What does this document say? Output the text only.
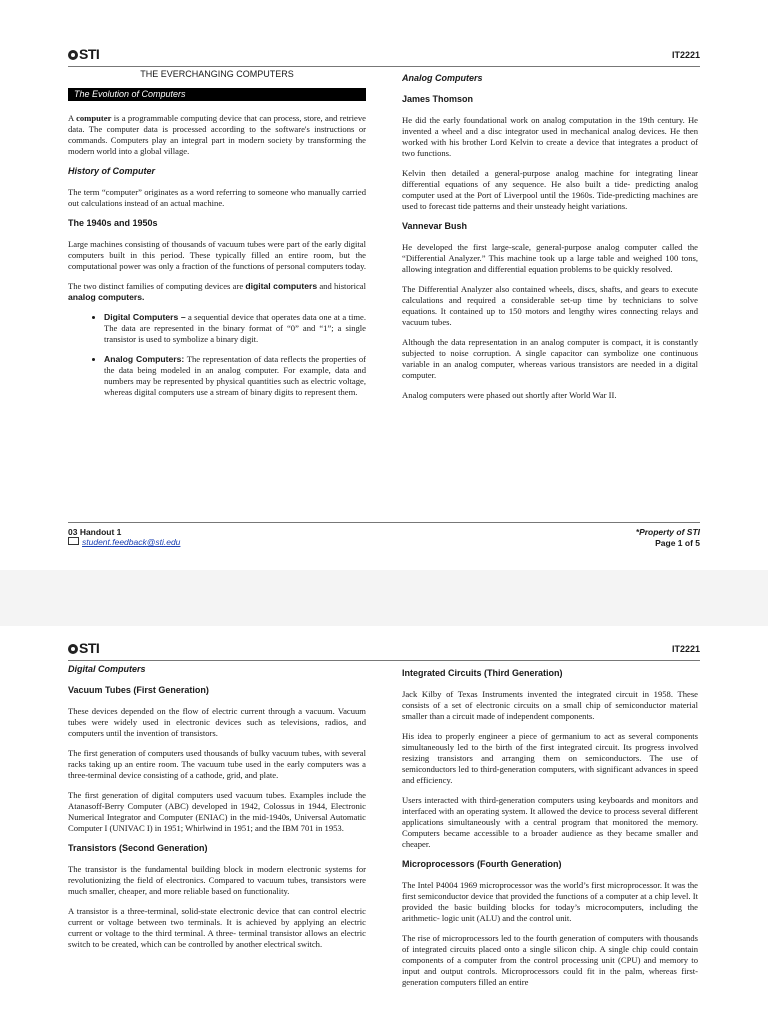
STI	IT2221
THE EVERCHANGING COMPUTERS
The Evolution of Computers

A computer is a programmable computing device that can process, store, and retrieve data. The computer data is processed according to the software's instructions or commands. Computers play an integral part in modern society by transforming the modern world into a global village.

History of Computer

The term “computer” originates as a word referring to someone who manually carried out calculations instead of an actual machine.

The 1940s and 1950s

Large machines consisting of thousands of vacuum tubes were part of the early digital computers built in this period. These typically filled an entire room, but the computational power was only a fraction of the functions of personal computers today.

The two distinct families of computing devices are digital computers and historical analog computers.

• Digital Computers – a sequential device that operates data one at a time. The data are represented in the binary format of “0” and “1”; a single transistor is used to symbolize a binary digit.
• Analog Computers: The representation of data reflects the properties of the data being modeled in an analog computer. For example, data and numbers may be represented by physical quantities such as electric voltage, whereas digital computers use a stream of binary digits to represent them.
Analog Computers
James Thomson

He did the early foundational work on analog computation in the 19th century. He invented a wheel and a disc integrator used in mechanical analog devices. He then worked with his brother Lord Kelvin to create a device that integrates a product of two functions.

Kelvin then detailed a general-purpose analog machine for integrating linear differential equations of any sequence. He also built a tide- predicting analog computer used at the Port of Liverpool until the 1960s. Tide-predicting machines are used to forecast tide patterns and their unsteady height variations.

Vannevar Bush

He developed the first large-scale, general-purpose analog computer called the “Differential Analyzer.” This machine took up a large table and weighed 100 tons, allowing integration and differential equation problems to be quickly resolved.

The Differential Analyzer also contained wheels, discs, shafts, and gears to execute calculations and required a considerable set-up time by technicians to solve equations. It contained up to 150 motors and lengthy wires connecting relays and vacuum tubes.

Although the data representation in an analog computer is compact, it is constantly subjected to noise corruption. A single capacitor can symbolize one continuous variable in an analog computer, whereas various transistors are needed in a digital computer.

Analog computers were phased out shortly after World War II.

03 Handout 1
student.feedback@sti.edu
*Property of STI
Page 1 of 5
STI	IT2221
Digital Computers
Vacuum Tubes (First Generation)

These devices depended on the flow of electric current through a vacuum. Vacuum tubes were widely used in electronic devices such as televisions, radios, and computers until the invention of transistors.

The first generation of computers used thousands of bulky vacuum tubes, with several racks taking up an entire room. The vacuum tube used in the early computers was a three-terminal device consisting of a cathode, grid, and plate.

The first generation of digital computers used vacuum tubes. Examples include the Atanasoff-Berry Computer (ABC) developed in 1942, Colossus in 1944, Electronic Numerical Integrator and Computer (ENIAC) in the mid-1940s, Universal Automatic Computer I (UNIVAC I) in 1951; Whirlwind in 1951; and the IBM 701 in 1953.

Transistors (Second Generation)

The transistor is the fundamental building block in modern electronic systems for revolutionizing the field of electronics. Compared to vacuum tubes, transistors were much smaller, cheaper, and more reliable based on functionality.

A transistor is a three-terminal, solid-state electronic device that can control electric current or voltage between two terminals. It is achieved by applying an electric current or voltage to the third terminal. A three- terminal transistor allows an electric switch to be created, which can be controlled by another electrical switch.

Integrated Circuits (Third Generation)

Jack Kilby of Texas Instruments invented the integrated circuit in 1958. These consists of a set of electronic circuits on a small chip of semiconductor material smaller than a circuit made of independent components.

His idea to properly engineer a piece of germanium to act as several components simultaneously led to the birth of the first integrated circuit. Its progress involved resizing transistors and arranging them on semiconductors. The use of semiconductors led to third-generation computers, with significant advances in speed and efficiency.

Users interacted with third-generation computers using keyboards and monitors and interfaced with an operating system. It allowed the device to process several different applications simultaneously with a central program that monitored the memory. Computers became accessible to a broader audience as they became smaller and cheaper.

Microprocessors (Fourth Generation)

The Intel P4004 1969 microprocessor was the world’s first microprocessor. It was the first semiconductor device that provided the functions of a computer at a chip level. It provided the basic building blocks for today’s microcomputers, including the arithmetic- logic unit (ALU) and the control unit.

The rise of microprocessors led to the fourth generation of computers with thousands of integrated circuits placed onto a single silicon chip. A single chip could contain components of a computer from the control processing unit (CPU) and memory to input and output controls. Microprocessors could fit in the palm, whereas first-generation computers filled an entire
